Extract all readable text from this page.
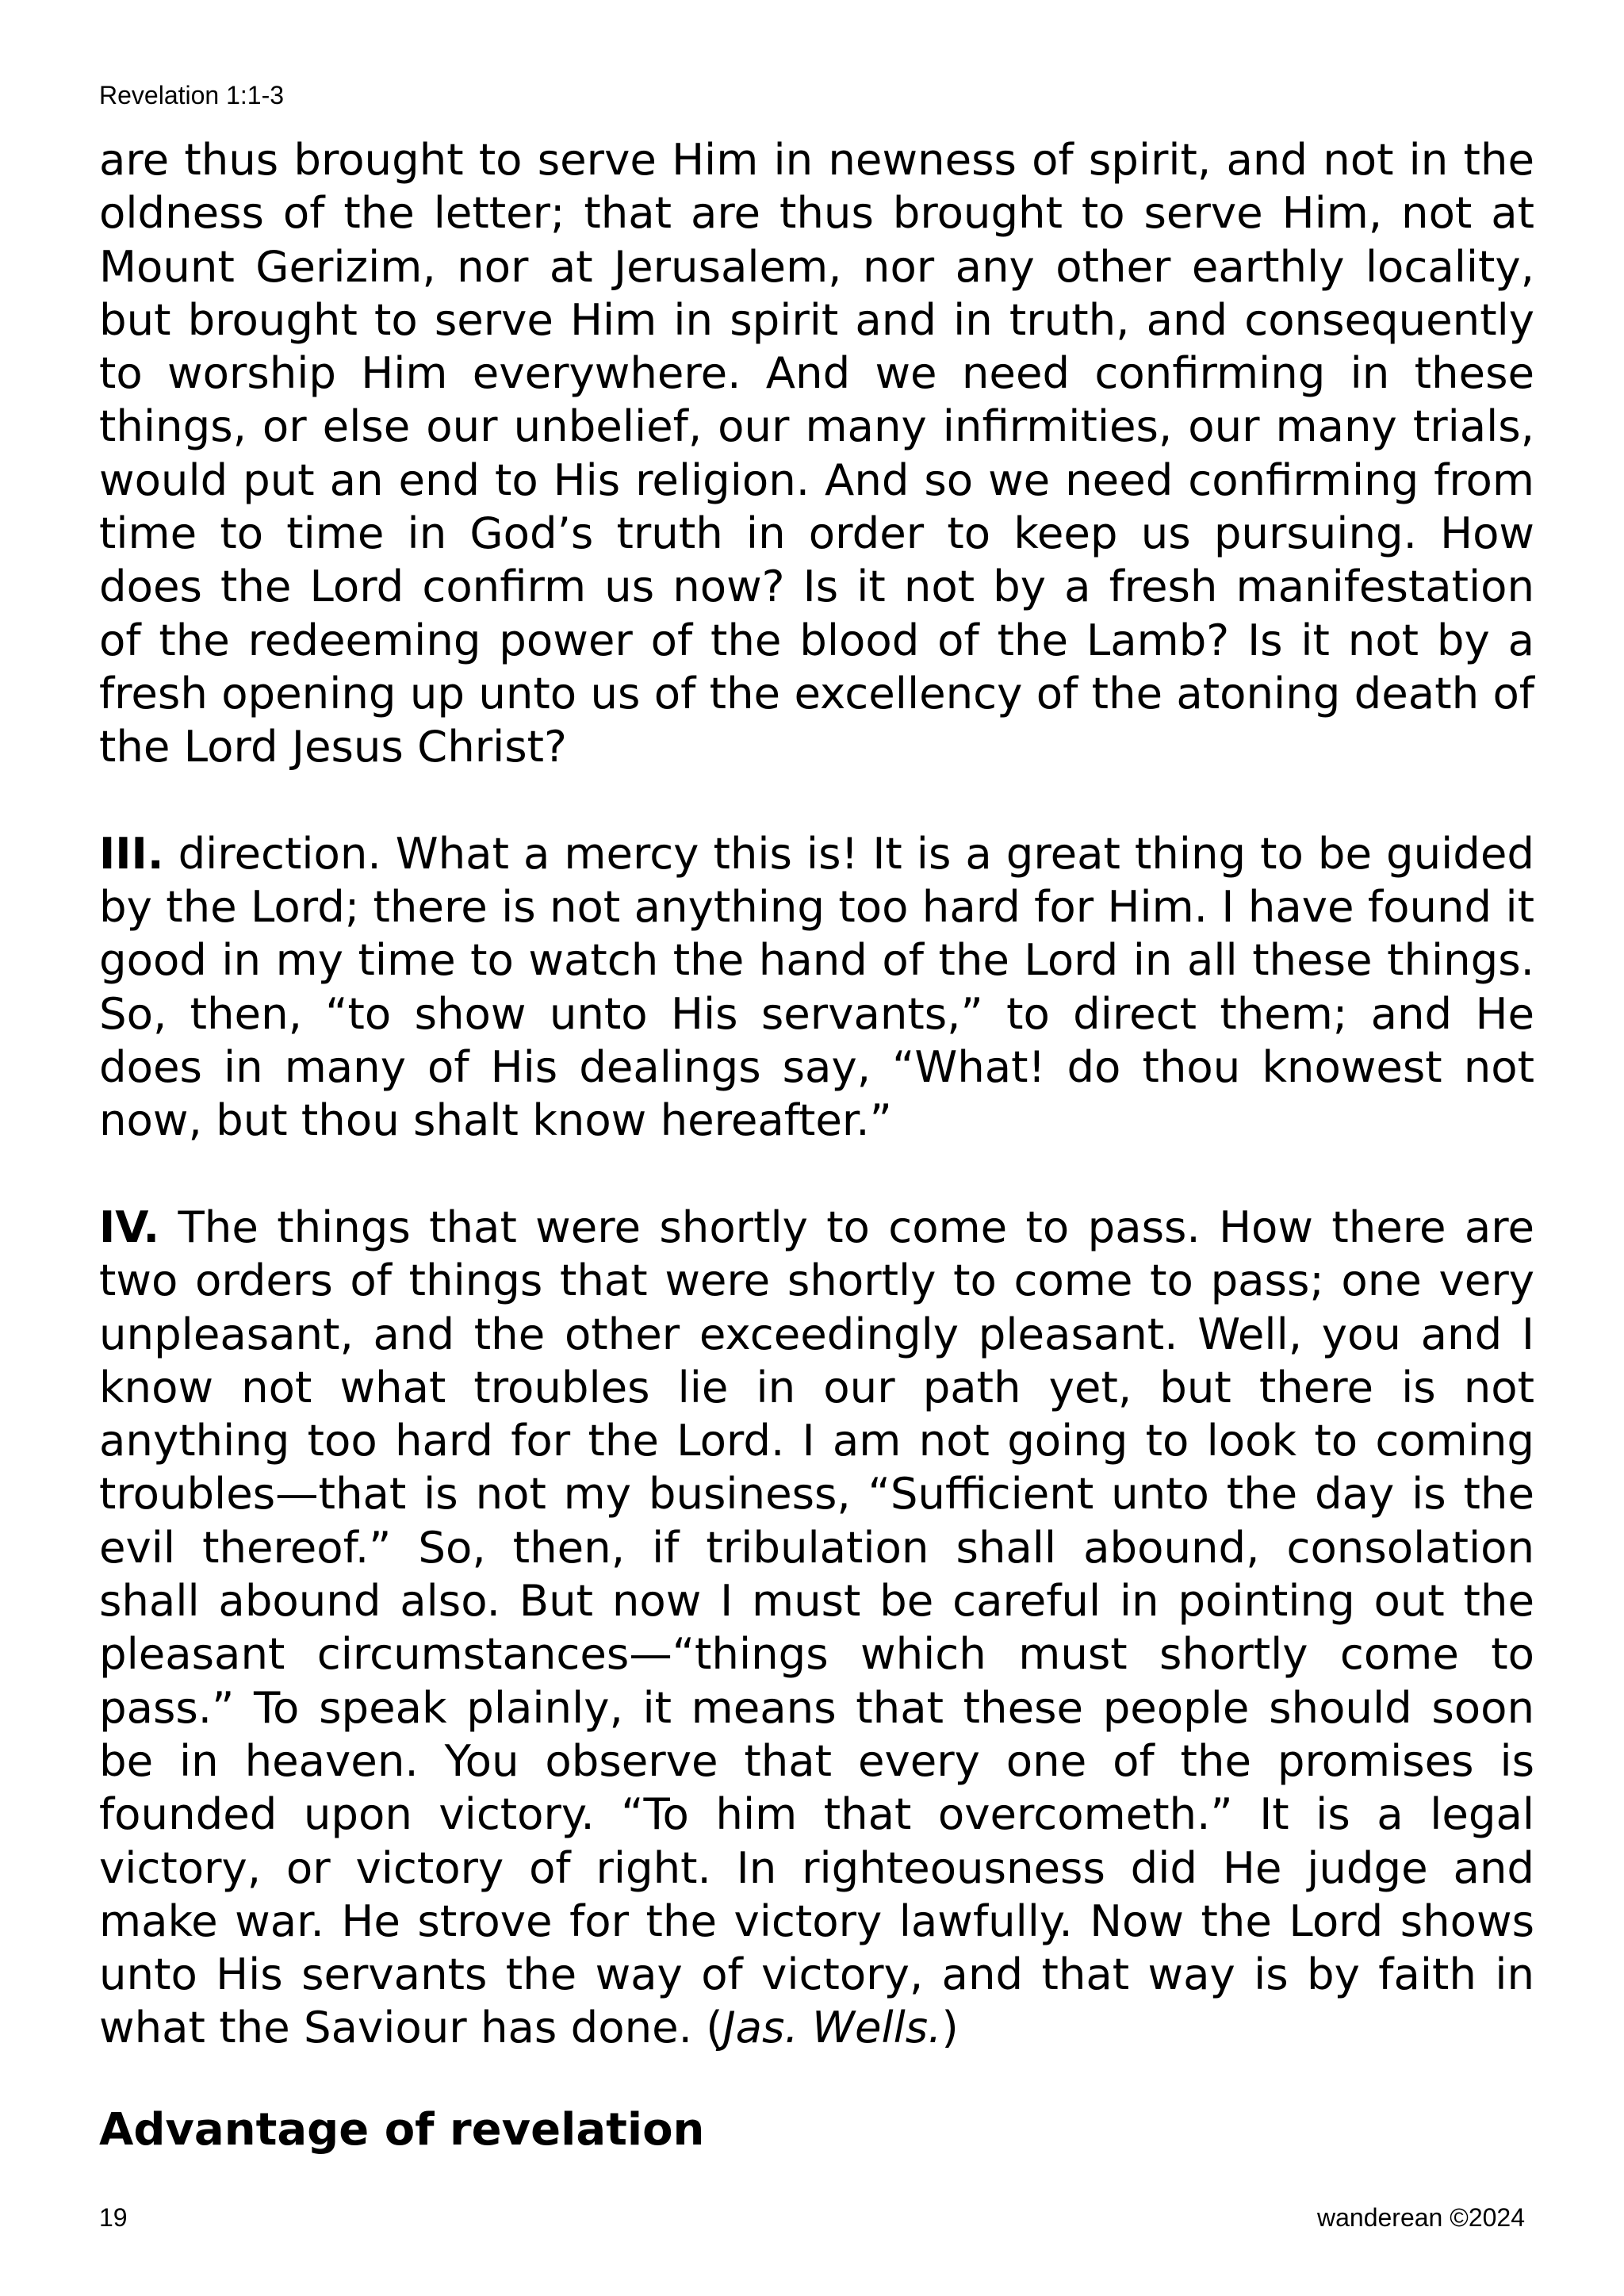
Revelation 1:1-3

are thus brought to serve Him in newness of spirit, and not in the oldness of the letter; that are thus brought to serve Him, not at Mount Gerizim, nor at Jerusalem, nor any other earthly locality, but brought to serve Him in spirit and in truth, and consequently to worship Him everywhere. And we need confirming in these things, or else our unbelief, our many infirmities, our many trials, would put an end to His religion. And so we need confirming from time to time in God’s truth in order to keep us pursuing. How does the Lord confirm us now? Is it not by a fresh manifestation of the redeeming power of the blood of the Lamb? Is it not by a fresh opening up unto us of the excellency of the atoning death of the Lord Jesus Christ?

III. direction. What a mercy this is! It is a great thing to be guided by the Lord; there is not anything too hard for Him. I have found it good in my time to watch the hand of the Lord in all these things. So, then, “to show unto His servants,” to direct them; and He does in many of His dealings say, “What! do thou knowest not now, but thou shalt know hereafter.”

IV. The things that were shortly to come to pass. How there are two orders of things that were shortly to come to pass; one very unpleasant, and the other exceedingly pleasant. Well, you and I know not what troubles lie in our path yet, but there is not anything too hard for the Lord. I am not going to look to coming troubles—that is not my business, “Sufficient unto the day is the evil thereof.” So, then, if tribulation shall abound, consolation shall abound also. But now I must be careful in pointing out the pleasant circumstances—“things which must shortly come to pass.” To speak plainly, it means that these people should soon be in heaven. You observe that every one of the promises is founded upon victory. “To him that overcometh.” It is a legal victory, or victory of right. In righteousness did He judge and make war. He strove for the victory lawfully. Now the Lord shows unto His servants the way of victory, and that way is by faith in what the Saviour has done. (Jas. Wells.)

Advantage of revelation
19	wanderean ©2024
